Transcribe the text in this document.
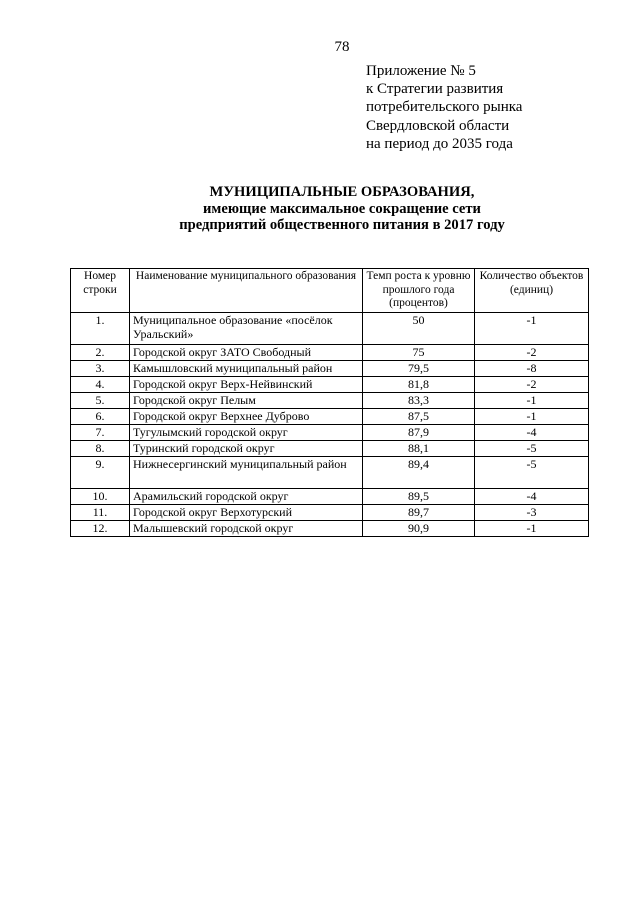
78
Приложение № 5
к Стратегии развития
потребительского рынка
Свердловской области
на период до 2035 года
МУНИЦИПАЛЬНЫЕ ОБРАЗОВАНИЯ,
имеющие максимальное сокращение сети
предприятий общественного питания в 2017 году
Номер строки	Наименование муниципального образования	Темп роста к уровню прошлого года (процентов)	Количество объектов (единиц)
1.	Муниципальное образование «посёлок Уральский»	50	-1
2.	Городской округ ЗАТО Свободный	75	-2
3.	Камышловский муниципальный район	79,5	-8
4.	Городской округ Верх-Нейвинский	81,8	-2
5.	Городской округ Пелым	83,3	-1
6.	Городской округ Верхнее Дуброво	87,5	-1
7.	Тугулымский городской округ	87,9	-4
8.	Туринский городской округ	88,1	-5
9.	Нижнесергинский муниципальный район	89,4	-5
10.	Арамильский городской округ	89,5	-4
11.	Городской округ Верхотурский	89,7	-3
12.	Малышевский городской округ	90,9	-1
